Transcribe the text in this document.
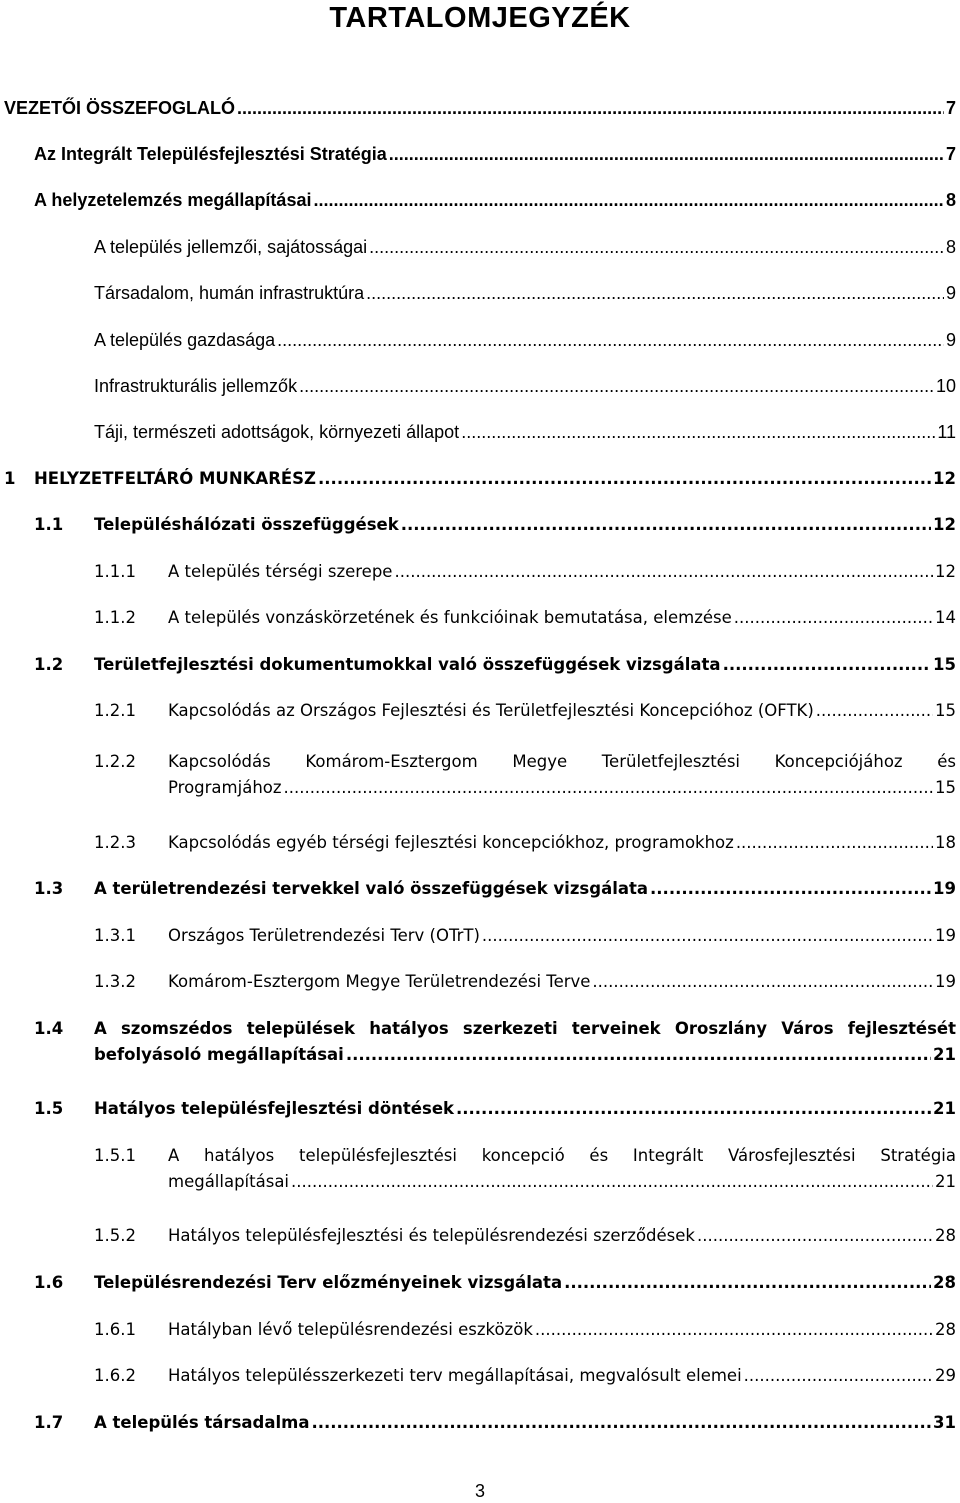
TARTALOMJEGYZÉK
VEZETŐI ÖSSZEFOGLALÓ .....	7
Az Integrált Településfejlesztési Stratégia .....	7
A helyzetelemzés megállapításai .....	8
A település jellemzői, sajátosságai .....	8
Társadalom, humán infrastruktúra .....	9
A település gazdasága .....	9
Infrastrukturális jellemzők .....	10
Táji, természeti adottságok, környezeti állapot .....	11
1	HELYZETFELTÁRÓ MUNKARÉSZ .....	12
1.1	Településhálózati összefüggések .....	12
1.1.1	A település térségi szerepe .....	12
1.1.2	A település vonzáskörzetének és funkcióinak bemutatása, elemzése .....	14
1.2	Területfejlesztési dokumentumokkal való összefüggések vizsgálata .....	15
1.2.1	Kapcsolódás az Országos Fejlesztési és Területfejlesztési Koncepcióhoz (OFTK) .....	15
1.2.2	Kapcsolódás Komárom-Esztergom Megye Területfejlesztési Koncepciójához és
Programjához .....	15
1.2.3	Kapcsolódás egyéb térségi fejlesztési koncepciókhoz, programokhoz .....	18
1.3	A területrendezési tervekkel való összefüggések vizsgálata .....	19
1.3.1	Országos Területrendezési Terv (OTrT) .....	19
1.3.2	Komárom-Esztergom Megye Területrendezési Terve .....	19
1.4	A szomszédos települések hatályos szerkezeti terveinek Oroszlány Város fejlesztését
befolyásoló megállapításai .....	21
1.5	Hatályos településfejlesztési döntések .....	21
1.5.1	A hatályos településfejlesztési koncepció és Integrált Városfejlesztési Stratégia
megállapításai .....	21
1.5.2	Hatályos településfejlesztési és településrendezési szerződések .....	28
1.6	Településrendezési Terv előzményeinek vizsgálata .....	28
1.6.1	Hatályban lévő településrendezési eszközök .....	28
1.6.2	Hatályos településszerkezeti terv megállapításai, megvalósult elemei .....	29
1.7	A település társadalma .....	31
3
